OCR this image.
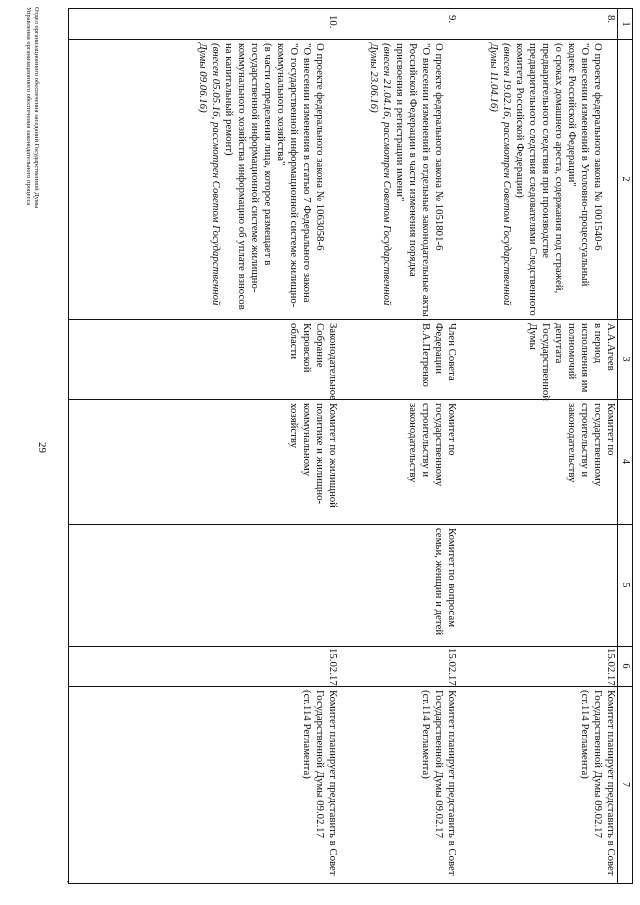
29
·
1
2
3
4
5
6
7
8.

О проекте федерального закона № 1001540-6
"О внесении изменений в Уголовно-процессуальный кодекс Российской Федерации"
(о сроках домашнего ареста, содержания под стражей, предварительного следствия при производстве предварительного следствия следователями Следственного комитета Российской Федерации)
(внесен 19.02.16, рассмотрен Советом Государственной Думы 11.04.16)

А.А.Агеев
в период исполнения им полномочий депутата Государственной Думы
Комитет по государственному строительству и законодательству
15.02.17
Комитет планирует представить в Совет Государственной Думы 09.02.17
(ст.114 Регламента)
9.

О проекте федерального закона № 1051801-6
"О внесении изменений в отдельные законодательные акты Российской Федерации в части изменения порядка присвоения и регистрации имени"
(внесен 21.04.16, рассмотрен Советом Государственной Думы 23.06.16)

Член Совета Федерации
В.А.Петренко
Комитет по государственному строительству и законодательству
Комитет по вопросам семьи, женщин и детей
15.02.17
Комитет планирует представить в Совет Государственной Думы 09.02.17
(ст.114 Регламента)
10.

О проекте федерального закона № 1063058-6
"О внесении изменения в статью 7 Федерального закона "О государственной информационной системе жилищно-коммунального хозяйства"
(в части определения лица, которое размещает в государственной информационной системе жилищно-коммунального хозяйства информацию об уплате взносов на капитальный ремонт)
(внесен 05.05.16, рассмотрен Советом Государственной Думы 09.06.16)

Законодательное Собрание Кировской области
Комитет по жилищной политике и жилищно-коммунальному хозяйству
15.02.17
Комитет планирует представить в Совет Государственной Думы 09.02.17
(ст.114 Регламента)
Отдел организационного обеспечения заседаний Государственной Думы
Управления организационного обеспечения законодательного процесса
